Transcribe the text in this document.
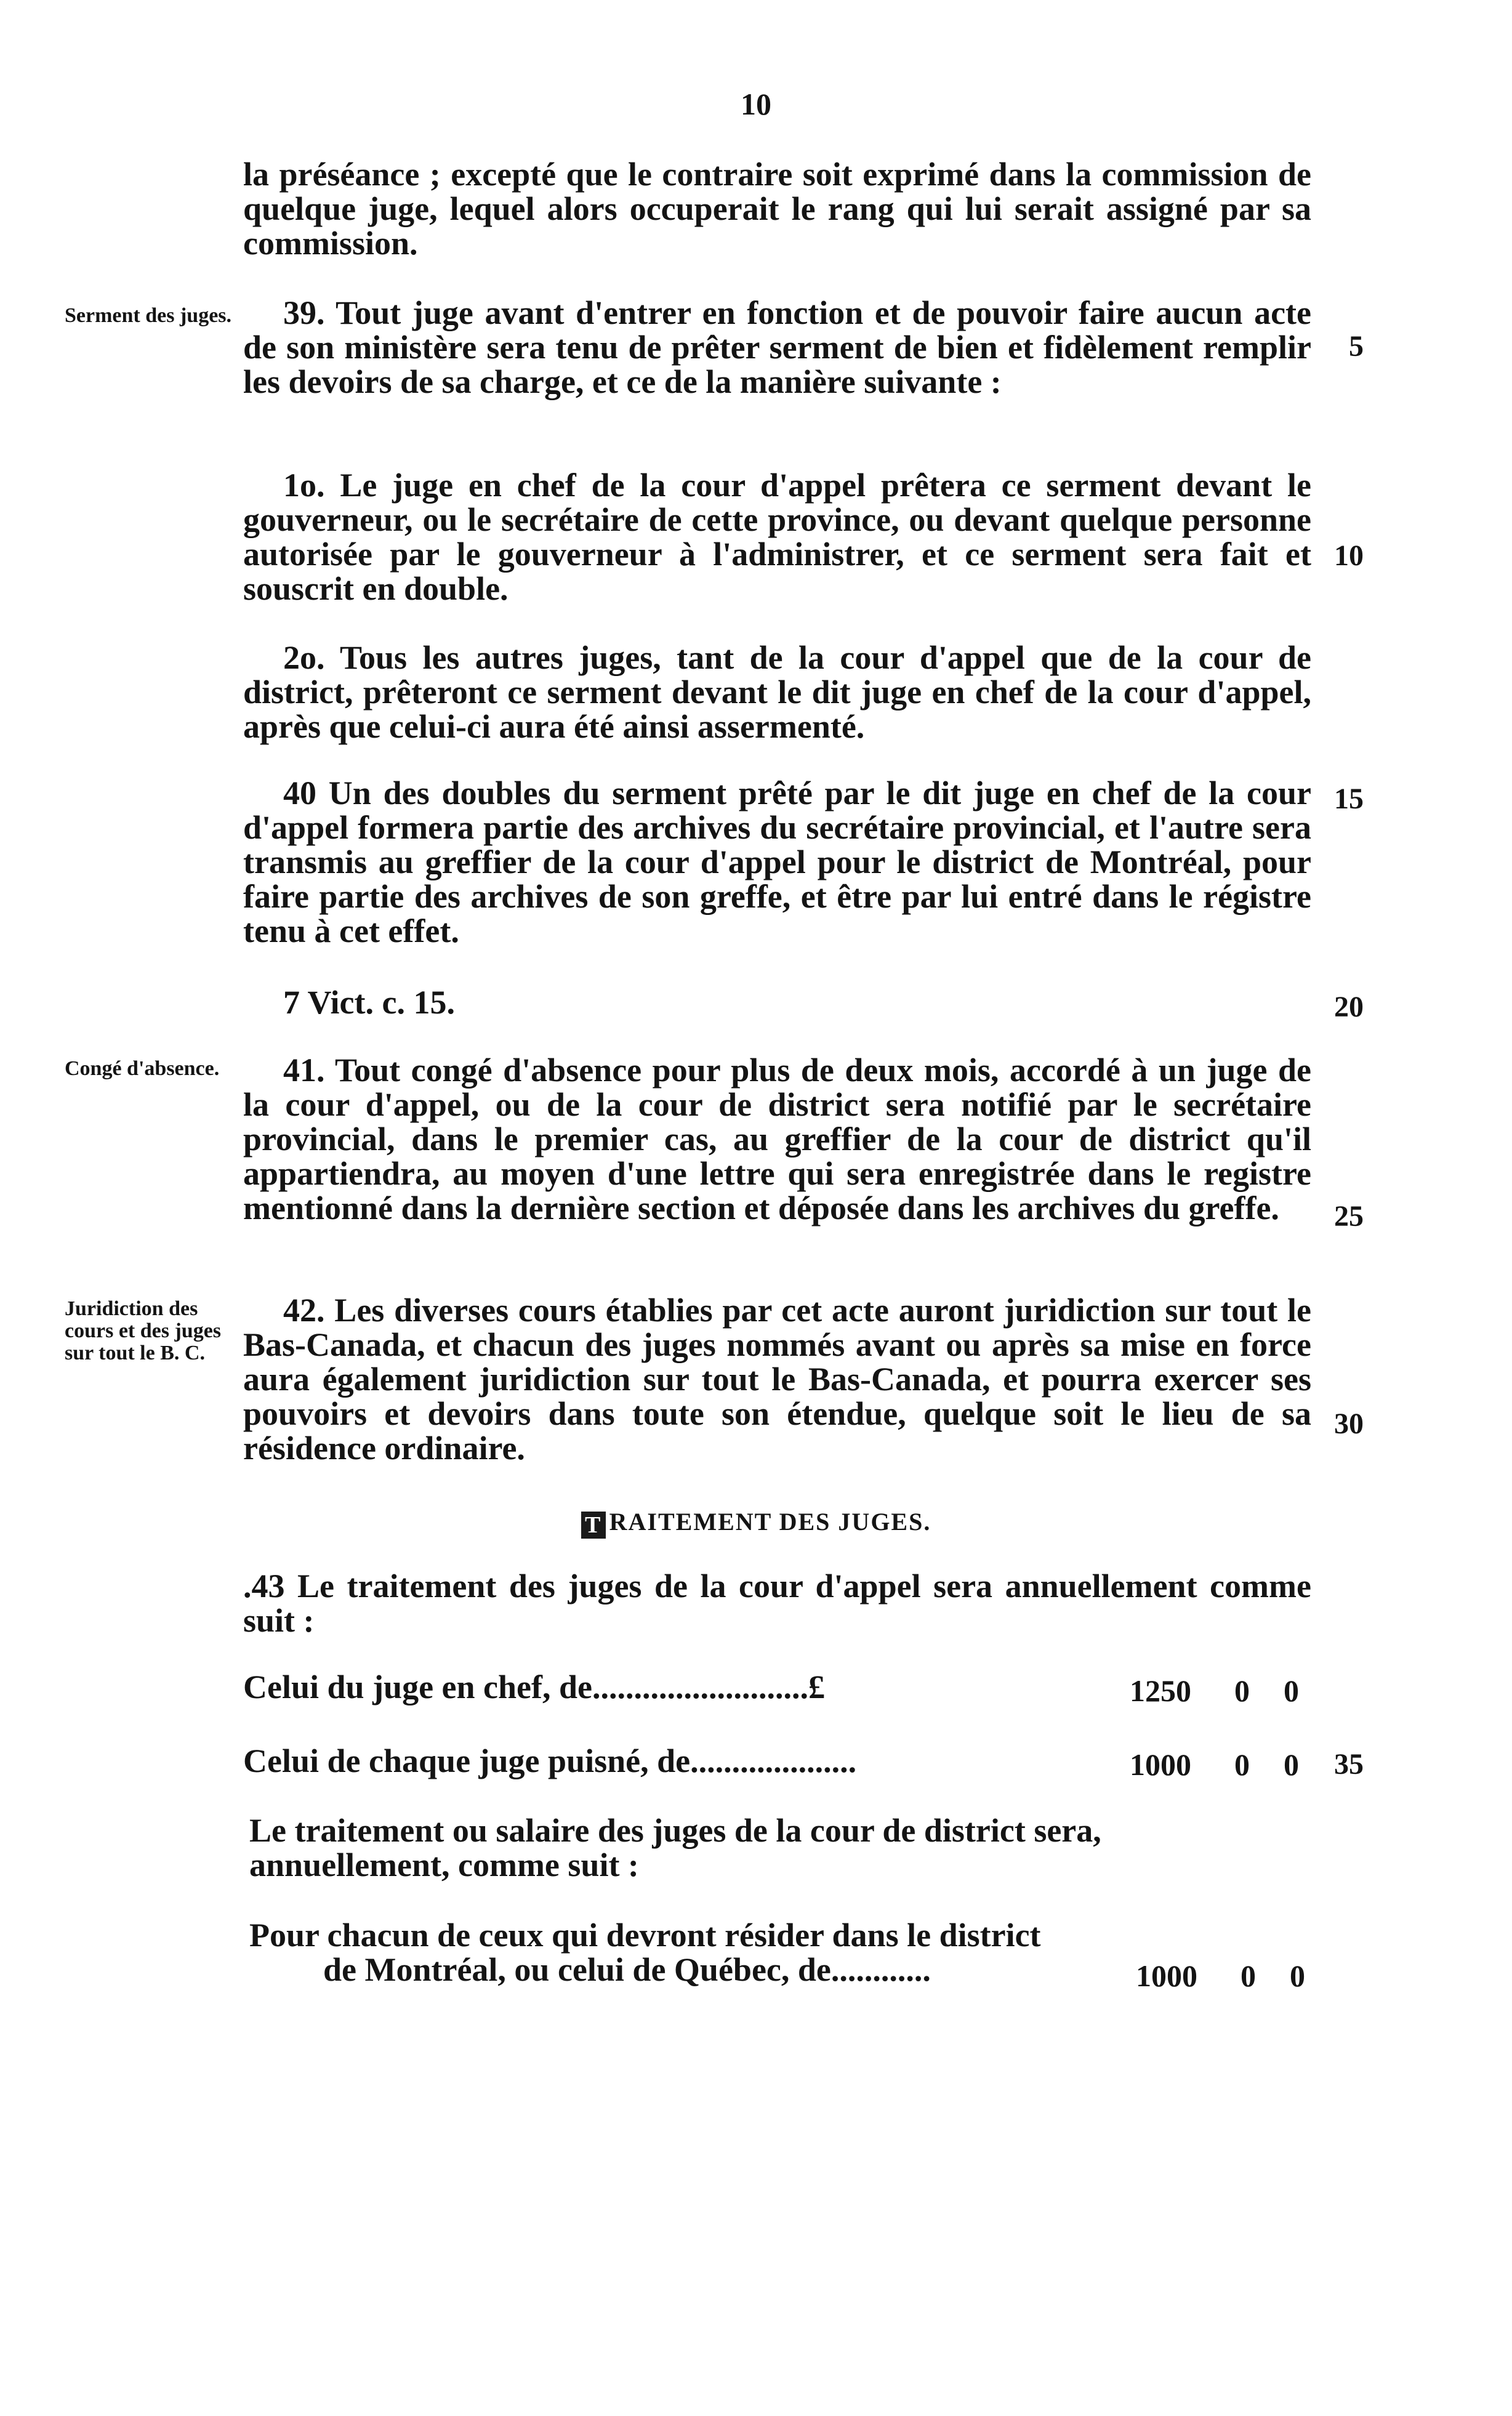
10

la préséance ; excepté que le contraire soit exprimé dans la commission de quelque juge, lequel alors occuperait le rang qui lui serait assigné par sa commission.

Serment des juges.	39. Tout juge avant d'entrer en fonction et de pouvoir faire aucun acte de son ministère sera tenu de prêter serment de bien et fidèlement remplir les devoirs de sa charge, et ce de la manière suivante :

5

1o. Le juge en chef de la cour d'appel prêtera ce serment devant le gouverneur, ou le secrétaire de cette province, ou devant quelque personne autorisée par le gouverneur à l'administrer, et ce serment sera fait et souscrit en double.

10

2o. Tous les autres juges, tant de la cour d'appel que de la cour de district, prêteront ce serment devant le dit juge en chef de la cour d'appel, après que celui-ci aura été ainsi assermenté.

40 Un des doubles du serment prêté par le dit juge en chef de la cour d'appel formera partie des archives du secrétaire provincial, et l'autre sera transmis au greffier de la cour d'appel pour le district de Montréal, pour faire partie des archives de son greffe, et être par lui entré dans le régistre tenu à cet effet.

15

7 Vict. c. 15.	20

Congé d'absence.	41. Tout congé d'absence pour plus de deux mois, accordé à un juge de la cour d'appel, ou de la cour de district sera notifié par le secrétaire provincial, dans le premier cas, au greffier de la cour de district qu'il appartiendra, au moyen d'une lettre qui sera enregistrée dans le registre mentionné dans la dernière section et déposée dans les archives du greffe.	25

Juridiction des cours et des juges sur tout le B. C.

42. Les diverses cours établies par cet acte auront juridiction sur tout le Bas-Canada, et chacun des juges nommés avant ou après sa mise en force aura également juridiction sur tout le Bas-Canada, et pourra exercer ses pouvoirs et devoirs dans toute son étendue, quelque soit le lieu de sa résidence ordinaire.

30
T RAITEMENT DES JUGES.

.43 Le traitement des juges de la cour d'appel sera annuellement comme suit :

Celui du juge en chef, de..........................£	1250 0 0
Celui de chaque juge puisné, de....................	1000 0 0	35

Le traitement ou salaire des juges de la cour de district sera, annuellement, comme suit :

Pour chacun de ceux qui devront résider dans le district
de Montréal, ou celui de Québec, de............	1000 0 0
